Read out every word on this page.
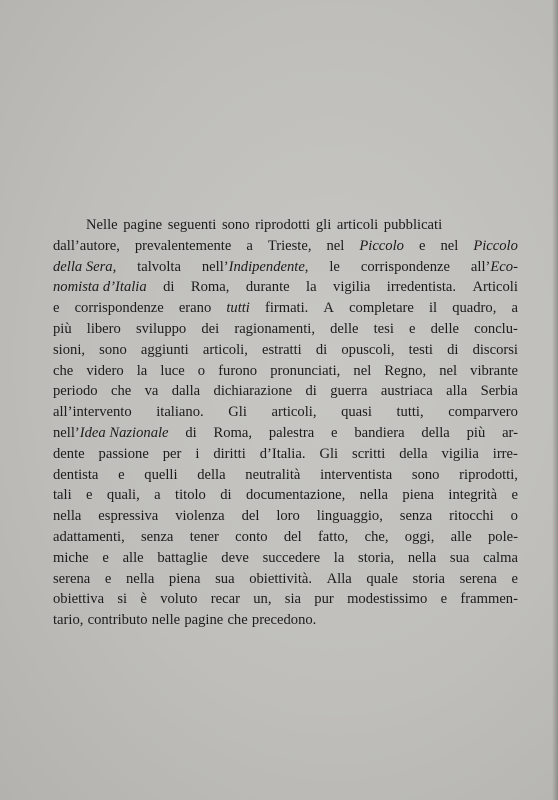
Nelle pagine seguenti sono riprodotti gli articoli pubblicati
dall’autore, prevalentemente a Trieste, nel Piccolo e nel Piccolo
della Sera, talvolta nell’Indipendente, le corrispondenze all’Eco-
nomista d’Italia di Roma, durante la vigilia irredentista. Articoli
e corrispondenze erano tutti firmati. A completare il quadro, a
più libero sviluppo dei ragionamenti, delle tesi e delle conclu-
sioni, sono aggiunti articoli, estratti di opuscoli, testi di discorsi
che videro la luce o furono pronunciati, nel Regno, nel vibrante
periodo che va dalla dichiarazione di guerra austriaca alla Serbia
all’intervento italiano. Gli articoli, quasi tutti, comparvero
nell’Idea Nazionale di Roma, palestra e bandiera della più ar-
dente passione per i diritti d’Italia. Gli scritti della vigilia irre-
dentista e quelli della neutralità interventista sono riprodotti,
tali e quali, a titolo di documentazione, nella piena integrità e
nella espressiva violenza del loro linguaggio, senza ritocchi o
adattamenti, senza tener conto del fatto, che, oggi, alle pole-
miche e alle battaglie deve succedere la storia, nella sua calma
serena e nella piena sua obiettività. Alla quale storia serena e
obiettiva si è voluto recar un, sia pur modestissimo e frammen-
tario, contributo nelle pagine che precedono.
